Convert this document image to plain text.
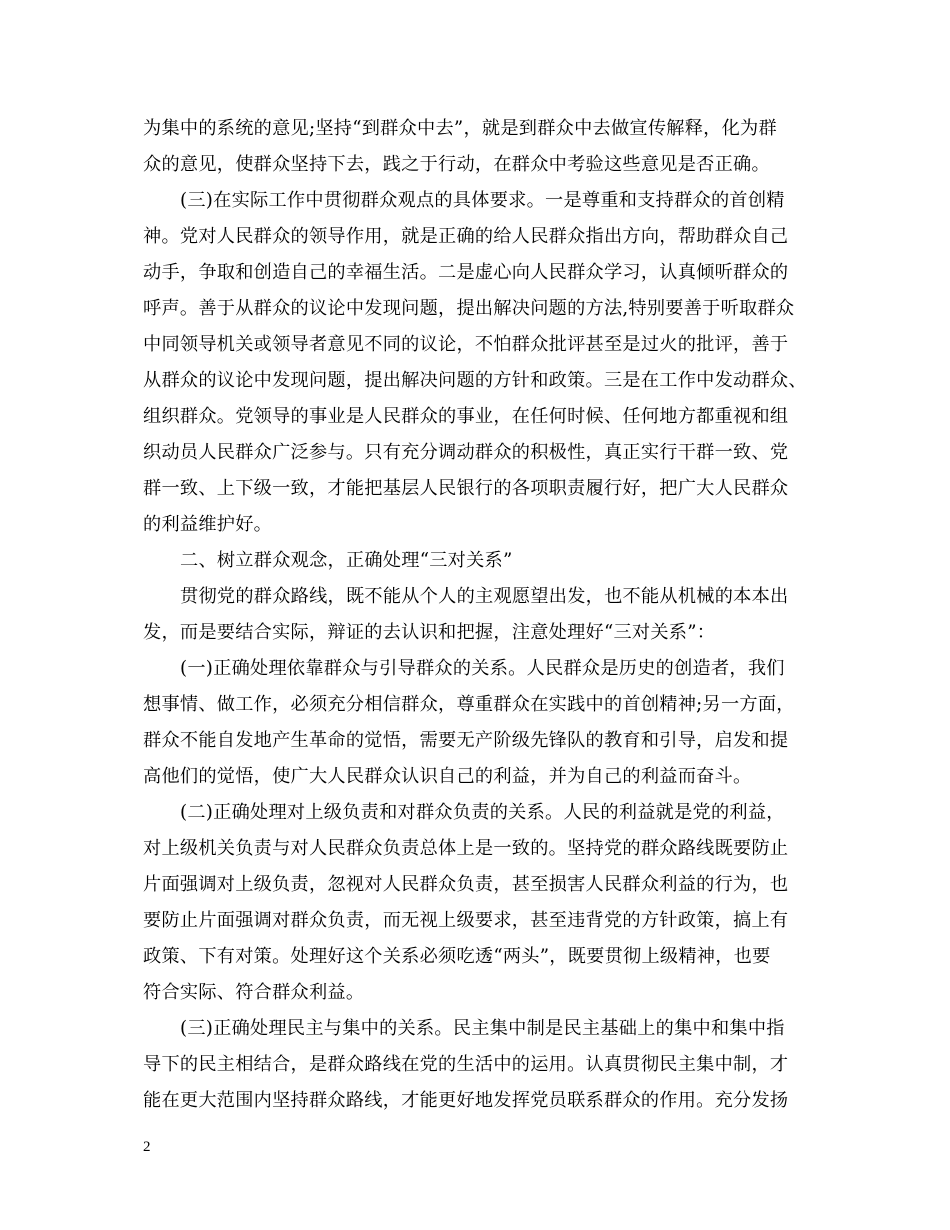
为集中的系统的意见;坚持“到群众中去”，就是到群众中去做宣传解释，化为群
众的意见，使群众坚持下去，践之于行动，在群众中考验这些意见是否正确。
(三)在实际工作中贯彻群众观点的具体要求。一是尊重和支持群众的首创精
神。党对人民群众的领导作用，就是正确的给人民群众指出方向，帮助群众自己
动手，争取和创造自己的幸福生活。二是虚心向人民群众学习，认真倾听群众的
呼声。善于从群众的议论中发现问题，提出解决问题的方法,特别要善于听取群众
中同领导机关或领导者意见不同的议论，不怕群众批评甚至是过火的批评，善于
从群众的议论中发现问题，提出解决问题的方针和政策。三是在工作中发动群众、
组织群众。党领导的事业是人民群众的事业，在任何时候、任何地方都重视和组
织动员人民群众广泛参与。只有充分调动群众的积极性，真正实行干群一致、党
群一致、上下级一致，才能把基层人民银行的各项职责履行好，把广大人民群众
的利益维护好。
二、树立群众观念，正确处理“三对关系”
贯彻党的群众路线，既不能从个人的主观愿望出发，也不能从机械的本本出
发，而是要结合实际，辩证的去认识和把握，注意处理好“三对关系”：
(一)正确处理依靠群众与引导群众的关系。人民群众是历史的创造者，我们
想事情、做工作，必须充分相信群众，尊重群众在实践中的首创精神;另一方面，
群众不能自发地产生革命的觉悟，需要无产阶级先锋队的教育和引导，启发和提
高他们的觉悟，使广大人民群众认识自己的利益，并为自己的利益而奋斗。
(二)正确处理对上级负责和对群众负责的关系。人民的利益就是党的利益，
对上级机关负责与对人民群众负责总体上是一致的。坚持党的群众路线既要防止
片面强调对上级负责，忽视对人民群众负责，甚至损害人民群众利益的行为，也
要防止片面强调对群众负责，而无视上级要求，甚至违背党的方针政策，搞上有
政策、下有对策。处理好这个关系必须吃透“两头”，既要贯彻上级精神，也要
符合实际、符合群众利益。
(三)正确处理民主与集中的关系。民主集中制是民主基础上的集中和集中指
导下的民主相结合，是群众路线在党的生活中的运用。认真贯彻民主集中制，才
能在更大范围内坚持群众路线，才能更好地发挥党员联系群众的作用。充分发扬
2
